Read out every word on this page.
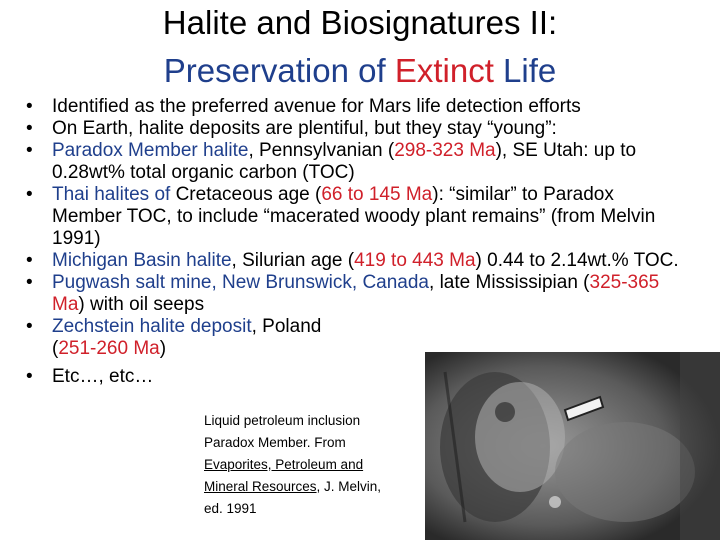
Halite and Biosignatures II:
Preservation of Extinct Life
• Identified as the preferred avenue for Mars life detection efforts
• On Earth, halite deposits are plentiful, but they stay “young”:
• Paradox Member halite, Pennsylvanian (298-323 Ma), SE Utah: up to 0.28wt% total organic carbon (TOC)
• Thai halites of Cretaceous age (66 to 145 Ma): “similar” to Paradox Member TOC, to include “macerated woody plant remains” (from Melvin 1991)
• Michigan Basin halite, Silurian age (419 to 443 Ma) 0.44 to 2.14wt.% TOC.
• Pugwash salt mine, New Brunswick, Canada, late Mississipian (325-365 Ma) with oil seeps
• Zechstein halite deposit, Poland
(251-260 Ma)
• Etc…, etc…
Liquid petroleum inclusion
Paradox Member. From
Evaporites, Petroleum and
Mineral Resources, J. Melvin,
ed. 1991
